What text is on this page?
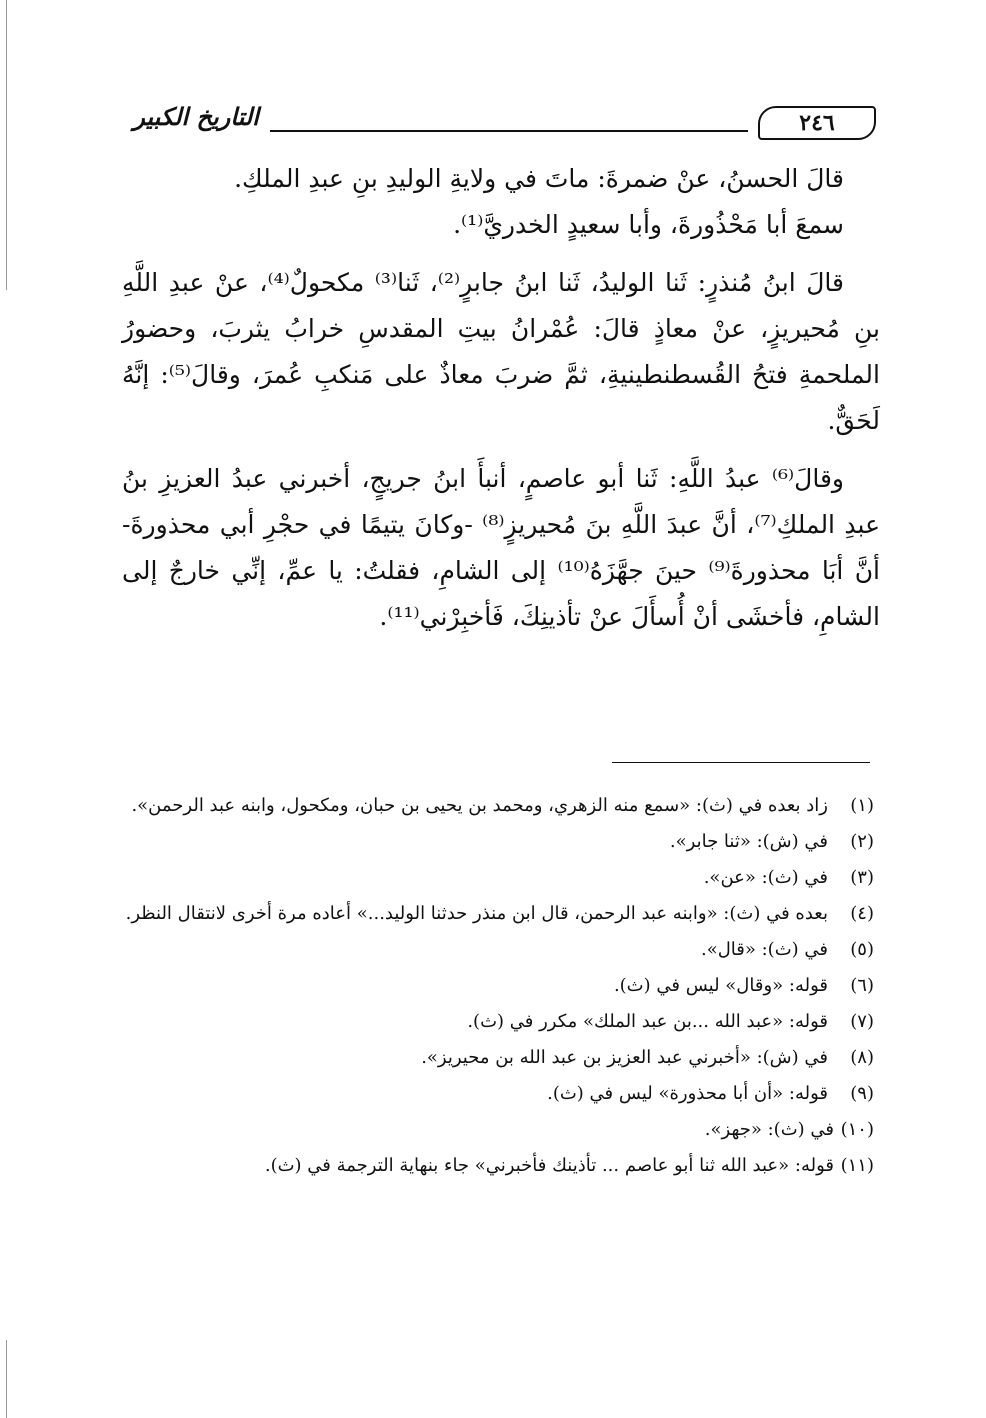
التاريخ الكبير	٢٤٦

قالَ الحسنُ، عنْ ضمرةَ: ماتَ في ولايةِ الوليدِ بنِ عبدِ الملكِ.

سمعَ أبا مَحْذُورةَ، وأبا سعيدٍ الخدريَّ⁽¹⁾.

قالَ ابنُ مُنذرٍ: ثَنا الوليدُ، ثَنا ابنُ جابرٍ⁽²⁾، ثَنا⁽³⁾ مكحولٌ⁽⁴⁾، عنْ عبدِ اللَّهِ بنِ مُحيريزٍ، عنْ معاذٍ قالَ: عُمْرانُ بيتِ المقدسِ خرابُ يثربَ، وحضورُ الملحمةِ فتحُ القُسطنطينيةِ، ثمَّ ضربَ معاذٌ على مَنكبِ عُمرَ، وقالَ⁽⁵⁾: إنَّهُ لَحَقٌّ.

وقالَ⁽⁶⁾ عبدُ اللَّهِ: ثَنا أبو عاصمٍ، أنبأَ ابنُ جريجٍ، أخبرني عبدُ العزيزِ بنُ عبدِ الملكِ⁽⁷⁾، أنَّ عبدَ اللَّهِ بنَ مُحيريزٍ⁽⁸⁾ -وكانَ يتيمًا في حجْرِ أبي محذورةَ- أنَّ أبَا محذورةَ⁽⁹⁾ حينَ جهَّزَهُ⁽¹⁰⁾ إلى الشامِ، فقلتُ: يا عمِّ، إنِّي خارجٌ إلى الشامِ، فأخشَى أنْ أُسأَلَ عنْ تأذينِكَ، فَأخبِرْني⁽¹¹⁾.

(١)
زاد بعده في (ث): «سمع منه الزهري، ومحمد بن يحيى بن حبان، ومكحول، وابنه عبد الرحمن».
(٢)
في (ش): «ثنا جابر».
(٣)
في (ث): «عن».
(٤)
بعده في (ث): «وابنه عبد الرحمن، قال ابن منذر حدثنا الوليد...» أعاده مرة أخرى لانتقال النظر.
(٥)
في (ث): «قال».
(٦)
قوله: «وقال» ليس في (ث).
(٧)
قوله: «عبد الله ...بن عبد الملك» مكرر في (ث).
(٨)
في (ش): «أخبرني عبد العزيز بن عبد الله بن محيريز».
(٩)
قوله: «أن أبا محذورة» ليس في (ث).
(١٠)
في (ث): «جهز».
(١١)
قوله: «عبد الله ثنا أبو عاصم ... تأذينك فأخبرني» جاء بنهاية الترجمة في (ث).
